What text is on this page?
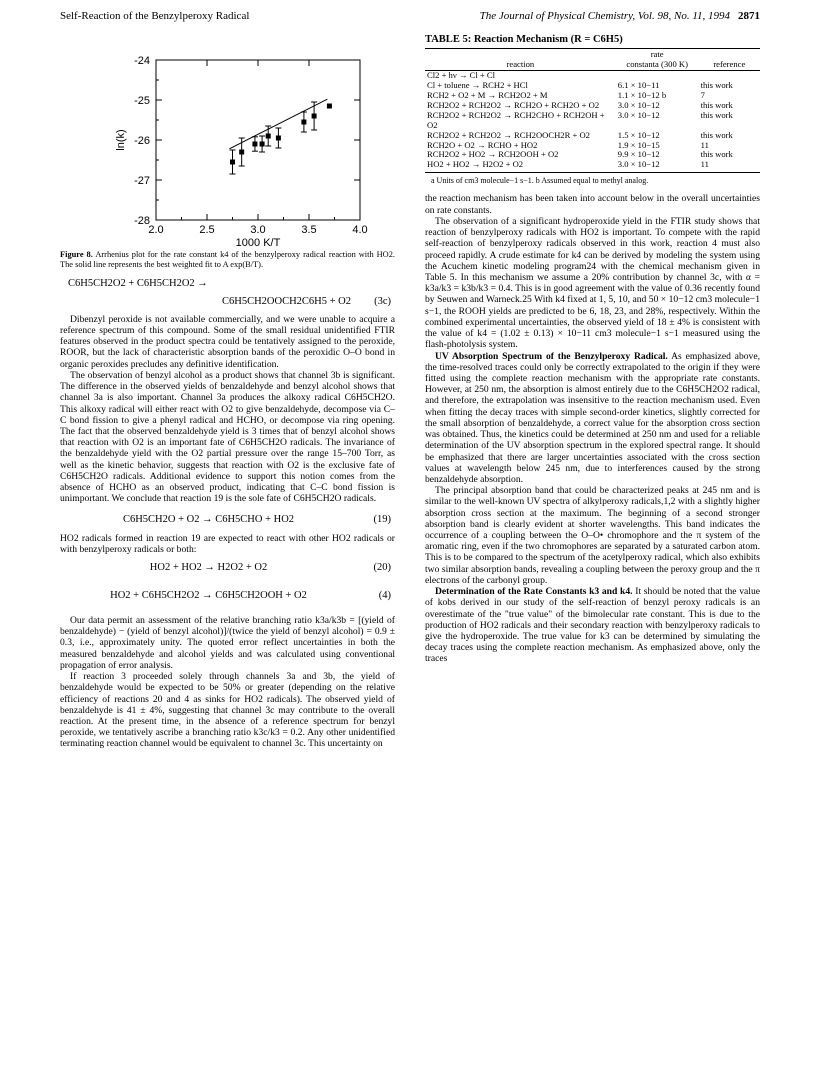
Self-Reaction of the Benzylperoxy Radical	The Journal of Physical Chemistry, Vol. 98, No. 11, 1994 2871
-24
-25
-26
-27
-28
2.0	2.5	3.0	3.5	4.0
1000 K/T
ln(k)
Figure 8. Arrhenius plot for the rate constant k4 of the benzylperoxy radical reaction with HO2. The solid line represents the best weighted fit to A exp(B/T).
C6H5CH2O2 + C6H5CH2O2 →
C6H5CH2OOCH2C6H5 + O2 (3c)

Dibenzyl peroxide is not available commercially, and we were unable to acquire a reference spectrum of this compound. Some of the small residual unidentified FTIR features observed in the product spectra could be tentatively assigned to the peroxide, ROOR, but the lack of characteristic absorption bands of the peroxidic O–O bond in organic peroxides precludes any definitive identification.

The observation of benzyl alcohol as a product shows that channel 3b is significant. The difference in the observed yields of benzaldehyde and benzyl alcohol shows that channel 3a is also important. Channel 3a produces the alkoxy radical C6H5CH2O. This alkoxy radical will either react with O2 to give benzaldehyde, decompose via C–C bond fission to give a phenyl radical and HCHO, or decompose via ring opening. The fact that the observed benzaldehyde yield is 3 times that of benzyl alcohol shows that reaction with O2 is an important fate of C6H5CH2O radicals. The invariance of the benzaldehyde yield with the O2 partial pressure over the range 15–700 Torr, as well as the kinetic behavior, suggests that reaction with O2 is the exclusive fate of C6H5CH2O radicals. Additional evidence to support this notion comes from the absence of HCHO as an observed product, indicating that C–C bond fission is unimportant. We conclude that reaction 19 is the sole fate of C6H5CH2O radicals.

C6H5CH2O + O2 → C6H5CHO + HO2	(19)

HO2 radicals formed in reaction 19 are expected to react with other HO2 radicals or with benzylperoxy radicals or both:

HO2 + HO2 → H2O2 + O2	(20)
HO2 + C6H5CH2O2 → C6H5CH2OOH + O2	(4)

Our data permit an assessment of the relative branching ratio k3a/k3b = [(yield of benzaldehyde) − (yield of benzyl alcohol)]/(twice the yield of benzyl alcohol) = 0.9 ± 0.3, i.e., approximately unity. The quoted error reflect uncertainties in both the measured benzaldehyde and alcohol yields and was calculated using conventional propagation of error analysis.

If reaction 3 proceeded solely through channels 3a and 3b, the yield of benzaldehyde would be expected to be 50% or greater (depending on the relative efficiency of reactions 20 and 4 as sinks for HO2 radicals). The observed yield of benzaldehyde is 41 ± 4%, suggesting that channel 3c may contribute to the overall reaction. At the present time, in the absence of a reference spectrum for benzyl peroxide, we tentatively ascribe a branching ratio k3c/k3 = 0.2. Any other unidentified terminating reaction channel would be equivalent to channel 3c. This uncertainty on

TABLE 5: Reaction Mechanism (R = C6H5)
	rate	
reaction	constanta (300 K)	reference
Cl2 + hν → Cl + Cl		
Cl + toluene → RCH2 + HCl	6.1 × 10−11	this work
RCH2 + O2 + M → RCH2O2 + M	1.1 × 10−12 b	7
RCH2O2 + RCH2O2 → RCH2O + RCH2O + O2	3.0 × 10−12	this work
RCH2O2 + RCH2O2 → RCH2CHO + RCH2OH + O2	3.0 × 10−12	this work
RCH2O2 + RCH2O2 → RCH2OOCH2R + O2	1.5 × 10−12	this work
RCH2O + O2 → RCHO + HO2	1.9 × 10−15	11
RCH2O2 + HO2 → RCH2OOH + O2	9.9 × 10−12	this work
HO2 + HO2 → H2O2 + O2	3.0 × 10−12	11
a Units of cm3 molecule−1 s−1. b Assumed equal to methyl analog.

the reaction mechanism has been taken into account below in the overall uncertainties on rate constants.

The observation of a significant hydroperoxide yield in the FTIR study shows that reaction of benzylperoxy radicals with HO2 is important. To compete with the rapid self-reaction of benzylperoxy radicals observed in this work, reaction 4 must also proceed rapidly. A crude estimate for k4 can be derived by modeling the system using the Acuchem kinetic modeling program24 with the chemical mechanism given in Table 5. In this mechanism we assume a 20% contribution by channel 3c, with α = k3a/k3 = k3b/k3 = 0.4. This is in good agreement with the value of 0.36 recently found by Seuwen and Warneck.25 With k4 fixed at 1, 5, 10, and 50 × 10−12 cm3 molecule−1 s−1, the ROOH yields are predicted to be 6, 18, 23, and 28%, respectively. Within the combined experimental uncertainties, the observed yield of 18 ± 4% is consistent with the value of k4 = (1.02 ± 0.13) × 10−11 cm3 molecule−1 s−1 measured using the flash-photolysis system.

UV Absorption Spectrum of the Benzylperoxy Radical. As emphasized above, the time-resolved traces could only be correctly extrapolated to the origin if they were fitted using the complete reaction mechanism with the appropriate rate constants. However, at 250 nm, the absorption is almost entirely due to the C6H5CH2O2 radical, and therefore, the extrapolation was insensitive to the reaction mechanism used. Even when fitting the decay traces with simple second-order kinetics, slightly corrected for the small absorption of benzaldehyde, a correct value for the absorption cross section was obtained. Thus, the kinetics could be determined at 250 nm and used for a reliable determination of the UV absorption spectrum in the explored spectral range. It should be emphasized that there are larger uncertainties associated with the cross section values at wavelength below 245 nm, due to interferences caused by the strong benzaldehyde absorption.

The principal absorption band that could be characterized peaks at 245 nm and is similar to the well-known UV spectra of alkylperoxy radicals,1,2 with a slightly higher absorption cross section at the maximum. The beginning of a second stronger absorption band is clearly evident at shorter wavelengths. This band indicates the occurrence of a coupling between the O–O• chromophore and the π system of the aromatic ring, even if the two chromophores are separated by a saturated carbon atom. This is to be compared to the spectrum of the acetylperoxy radical, which also exhibits two similar absorption bands, revealing a coupling between the peroxy group and the π electrons of the carbonyl group.

Determination of the Rate Constants k3 and k4. It should be noted that the value of kobs derived in our study of the self-reaction of benzyl peroxy radicals is an overestimate of the "true value" of the bimolecular rate constant. This is due to the production of HO2 radicals and their secondary reaction with benzylperoxy radicals to give the hydroperoxide. The true value for k3 can be determined by simulating the decay traces using the complete reaction mechanism. As emphasized above, only the traces
